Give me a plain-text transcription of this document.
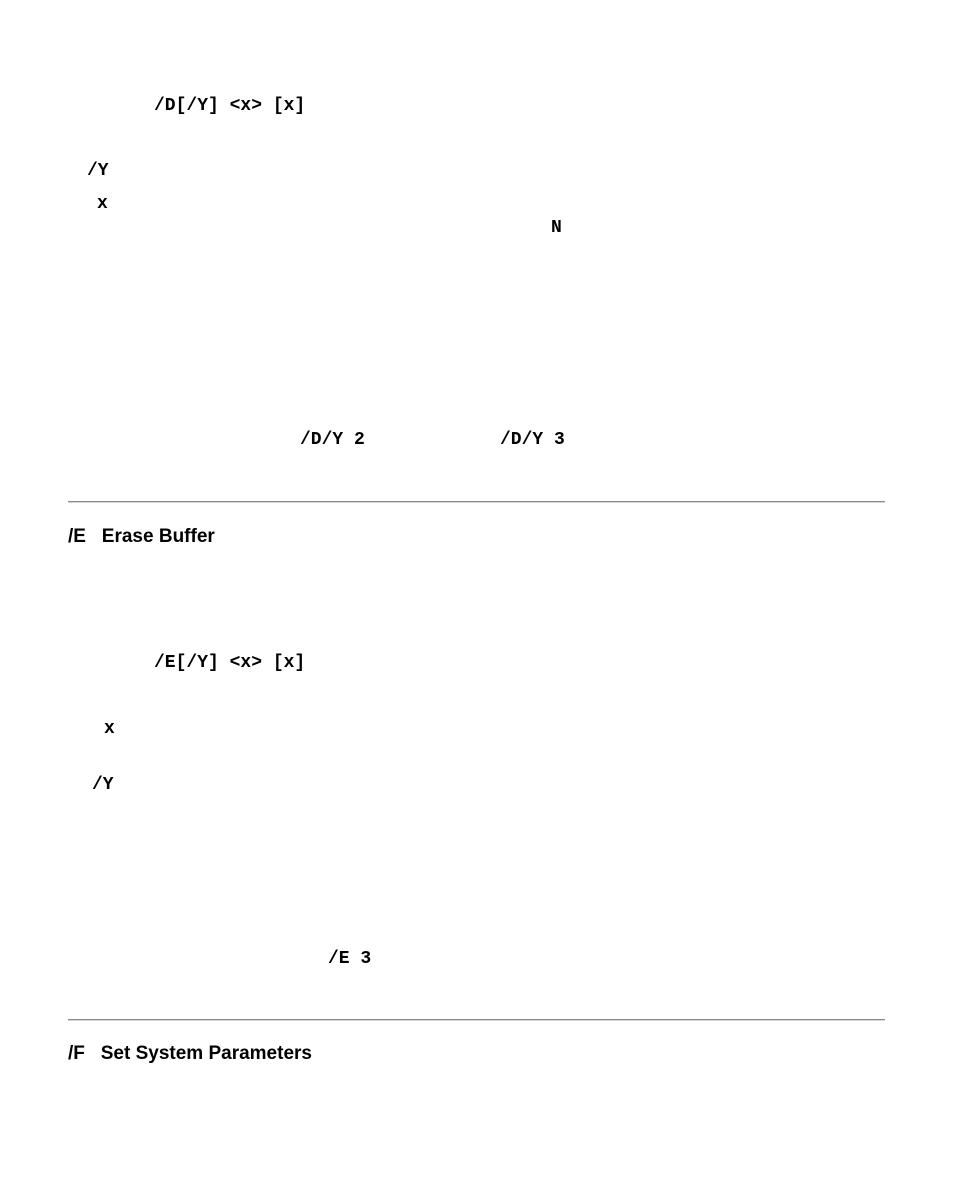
/D[/Y] <x> [x]
/Y
x
N
/D/Y 2	/D/Y 3
/E Erase Buffer
/E[/Y] <x> [x]
x
/Y
/E 3
/F Set System Parameters
